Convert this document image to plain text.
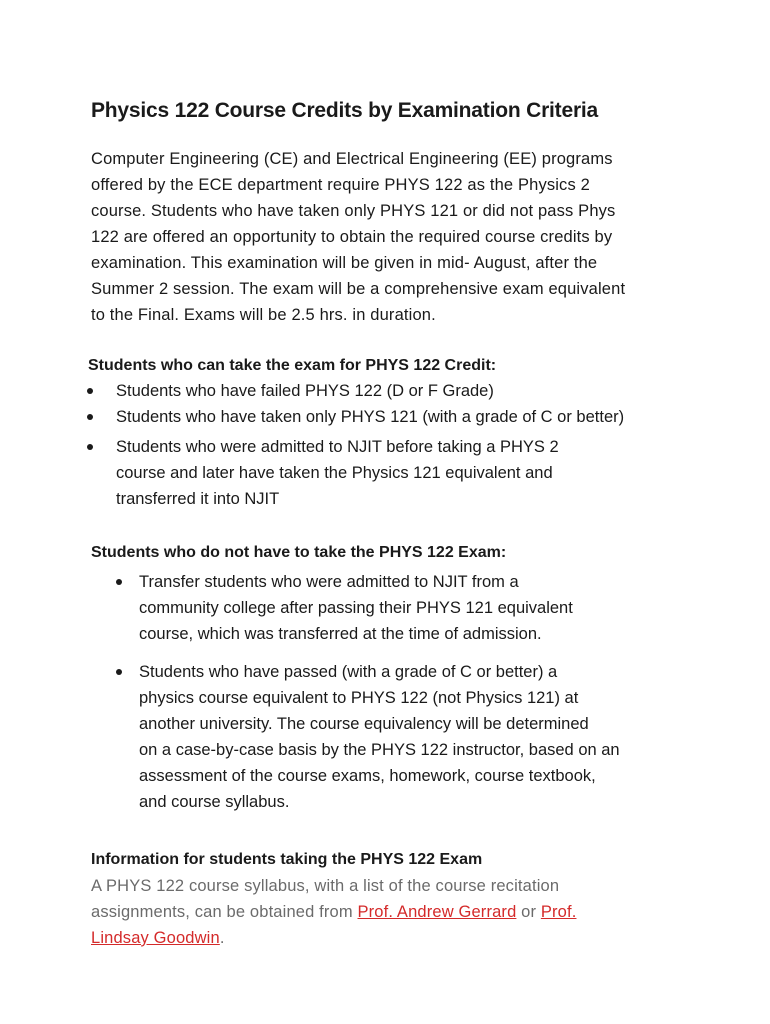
Physics 122 Course Credits by Examination Criteria

Computer Engineering (CE) and Electrical Engineering (EE) programs
offered by the ECE department require PHYS 122 as the Physics 2
course. Students who have taken only PHYS 121 or did not pass Phys
122 are offered an opportunity to obtain the required course credits by
examination. This examination will be given in mid- August, after the
Summer 2 session. The exam will be a comprehensive exam equivalent
to the Final. Exams will be 2.5 hrs. in duration.

Students who can take the exam for PHYS 122 Credit:

Students who have failed PHYS 122 (D or F Grade)
Students who have taken only PHYS 121 (with a grade of C or better)
Students who were admitted to NJIT before taking a PHYS 2
course and later have taken the Physics 121 equivalent and
transferred it into NJIT

Students who do not have to take the PHYS 122 Exam:

Transfer students who were admitted to NJIT from a
community college after passing their PHYS 121 equivalent
course, which was transferred at the time of admission.
Students who have passed (with a grade of C or better) a
physics course equivalent to PHYS 122 (not Physics 121) at
another university. The course equivalency will be determined
on a case-by-case basis by the PHYS 122 instructor, based on an
assessment of the course exams, homework, course textbook,
and course syllabus.

Information for students taking the PHYS 122 Exam

A PHYS 122 course syllabus, with a list of the course recitation
assignments, can be obtained from Prof. Andrew Gerrard or Prof.
Lindsay Goodwin.
